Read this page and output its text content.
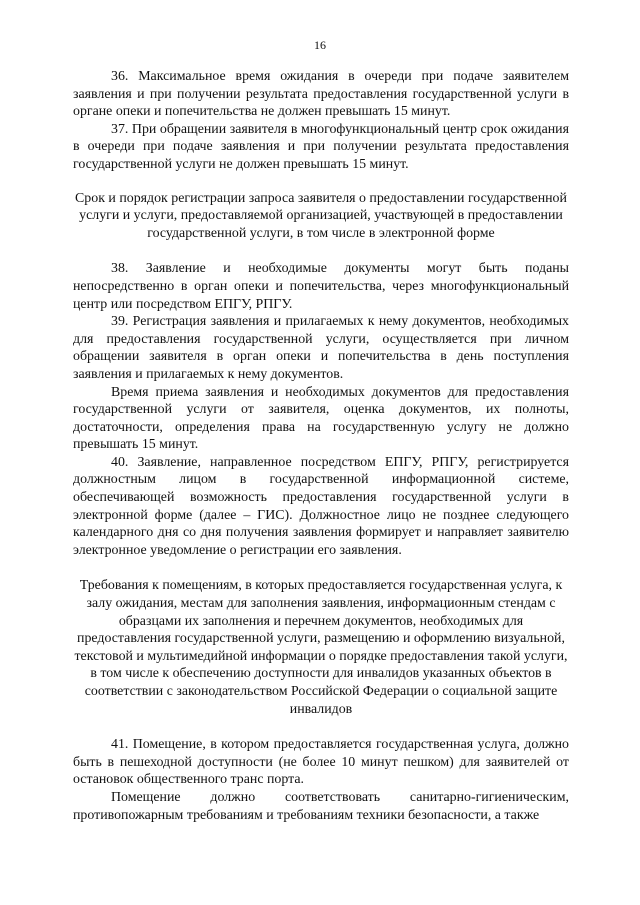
16

36. Максимальное время ожидания в очереди при подаче заявителем заявления и при получении результата предоставления государственной услуги в органе опеки и попечительства не должен превышать 15 минут.

37. При обращении заявителя в многофункциональный центр срок ожидания в очереди при подаче заявления и при получении результата предоставления государственной услуги не должен превышать 15 минут.

Срок и порядок регистрации запроса заявителя о предоставлении государственной услуги и услуги, предоставляемой организацией, участвующей в предоставлении государственной услуги, в том числе в электронной форме

38. Заявление и необходимые документы могут быть поданы непосредственно в орган опеки и попечительства, через многофункциональный центр или посредством ЕПГУ, РПГУ.

39. Регистрация заявления и прилагаемых к нему документов, необходимых для предоставления государственной услуги, осуществляется при личном обращении заявителя в орган опеки и попечительства в день поступления заявления и прилагаемых к нему документов.

Время приема заявления и необходимых документов для предоставления государственной услуги от заявителя, оценка документов, их полноты, достаточности, определения права на государственную услугу не должно превышать 15 минут.

40. Заявление, направленное посредством ЕПГУ, РПГУ, регистрируется должностным лицом в государственной информационной системе, обеспечивающей возможность предоставления государственной услуги в электронной форме (далее – ГИС). Должностное лицо не позднее следующего календарного дня со дня получения заявления формирует и направляет заявителю электронное уведомление о регистрации его заявления.

Требования к помещениям, в которых предоставляется государственная услуга, к залу ожидания, местам для заполнения заявления, информационным стендам с образцами их заполнения и перечнем документов, необходимых для предоставления государственной услуги, размещению и оформлению визуальной, текстовой и мультимедийной информации о порядке предоставления такой услуги, в том числе к обеспечению доступности для инвалидов указанных объектов в соответствии с законодательством Российской Федерации о социальной защите инвалидов

41. Помещение, в котором предоставляется государственная услуга, должно быть в пешеходной доступности (не более 10 минут пешком) для заявителей от остановок общественного транс порта.

Помещение должно соответствовать санитарно-гигиеническим, противопожарным требованиям и требованиям техники безопасности, а также
